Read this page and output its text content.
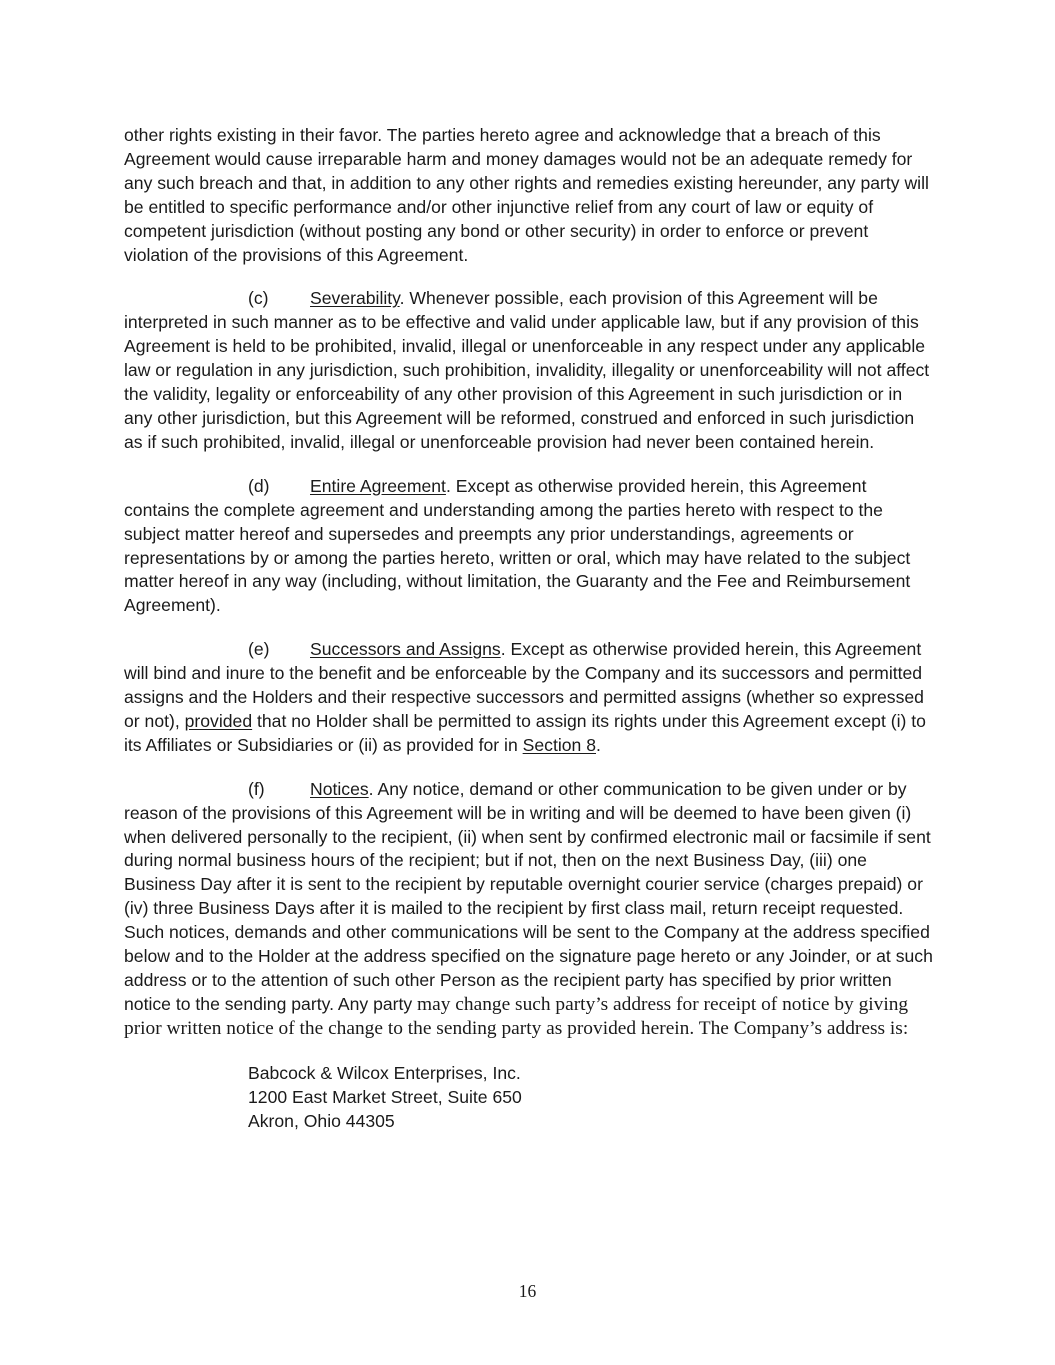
other rights existing in their favor. The parties hereto agree and acknowledge that a breach of this Agreement would cause irreparable harm and money damages would not be an adequate remedy for any such breach and that, in addition to any other rights and remedies existing hereunder, any party will be entitled to specific performance and/or other injunctive relief from any court of law or equity of competent jurisdiction (without posting any bond or other security) in order to enforce or prevent violation of the provisions of this Agreement.

(c) Severability. Whenever possible, each provision of this Agreement will be interpreted in such manner as to be effective and valid under applicable law, but if any provision of this Agreement is held to be prohibited, invalid, illegal or unenforceable in any respect under any applicable law or regulation in any jurisdiction, such prohibition, invalidity, illegality or unenforceability will not affect the validity, legality or enforceability of any other provision of this Agreement in such jurisdiction or in any other jurisdiction, but this Agreement will be reformed, construed and enforced in such jurisdiction as if such prohibited, invalid, illegal or unenforceable provision had never been contained herein.

(d) Entire Agreement. Except as otherwise provided herein, this Agreement contains the complete agreement and understanding among the parties hereto with respect to the subject matter hereof and supersedes and preempts any prior understandings, agreements or representations by or among the parties hereto, written or oral, which may have related to the subject matter hereof in any way (including, without limitation, the Guaranty and the Fee and Reimbursement Agreement).

(e) Successors and Assigns. Except as otherwise provided herein, this Agreement will bind and inure to the benefit and be enforceable by the Company and its successors and permitted assigns and the Holders and their respective successors and permitted assigns (whether so expressed or not), provided that no Holder shall be permitted to assign its rights under this Agreement except (i) to its Affiliates or Subsidiaries or (ii) as provided for in Section 8.

(f)	Notices. Any notice, demand or other communication to be given under or by reason of the provisions of this Agreement will be in writing and will be deemed to have been given (i) when delivered personally to the recipient, (ii) when sent by confirmed electronic mail or facsimile if sent during normal business hours of the recipient; but if not, then on the next Business Day, (iii) one Business Day after it is sent to the recipient by reputable overnight courier service (charges prepaid) or (iv) three Business Days after it is mailed to the recipient by first class mail, return receipt requested. Such notices, demands and other communications will be sent to the Company at the address specified below and to the Holder at the address specified on the signature page hereto or any Joinder, or at such address or to the attention of such other Person as the recipient party has specified by prior written notice to the sending party. Any party may change such party’s address for receipt of notice by giving prior written notice of the change to the sending party as provided herein. The Company’s address is:

Babcock & Wilcox Enterprises, Inc.

1200 East Market Street, Suite 650

Akron, Ohio 44305

16
